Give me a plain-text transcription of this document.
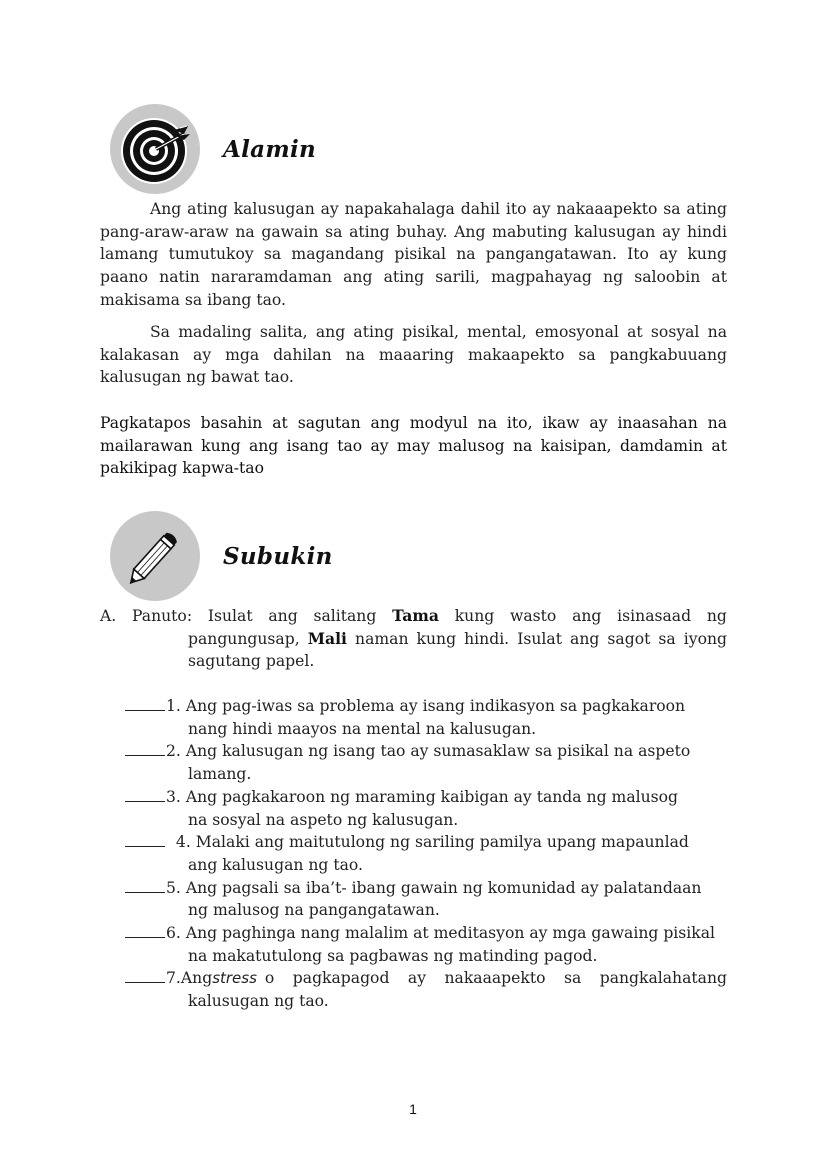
Alamin

Ang ating kalusugan ay napakahalaga dahil ito ay nakaaapekto sa ating pang-araw-araw na gawain sa ating buhay. Ang mabuting kalusugan ay hindi lamang tumutukoy sa magandang pisikal na pangangatawan. Ito ay kung paano natin nararamdaman ang ating sarili, magpahayag ng saloobin at makisama sa ibang tao.

Sa madaling salita, ang ating pisikal, mental, emosyonal at sosyal na kalakasan ay mga dahilan na maaaring makaapekto sa pangkabuuang kalusugan ng bawat tao.

Pagkatapos basahin at sagutan ang modyul na ito, ikaw ay inaasahan na mailarawan kung ang isang tao ay may malusog na kaisipan, damdamin at pakikipag kapwa-tao

Subukin
A. Panuto: Isulat ang salitang Tama kung wasto ang isinasaad ng
pangungusap, Mali naman kung hindi. Isulat ang sagot sa iyong sagutang papel.
1. Ang pag-iwas sa problema ay isang indikasyon sa pagkakaroon
nang hindi maayos na mental na kalusugan.
2. Ang kalusugan ng isang tao ay sumasaklaw sa pisikal na aspeto
lamang.
3. Ang pagkakaroon ng maraming kaibigan ay tanda ng malusog
na sosyal na aspeto ng kalusugan.
4. Malaki ang maitutulong ng sariling pamilya upang mapaunlad
ang kalusugan ng tao.
5. Ang pagsali sa iba’t- ibang gawain ng komunidad ay palatandaan
ng malusog na pangangatawan.
6. Ang paghinga nang malalim at meditasyon ay mga gawaing pisikal
na makatutulong sa pagbawas ng matinding pagod.
7. Ang stress o pagkapagod ay nakaaapekto sa pangkalahatang
kalusugan ng tao.
1
